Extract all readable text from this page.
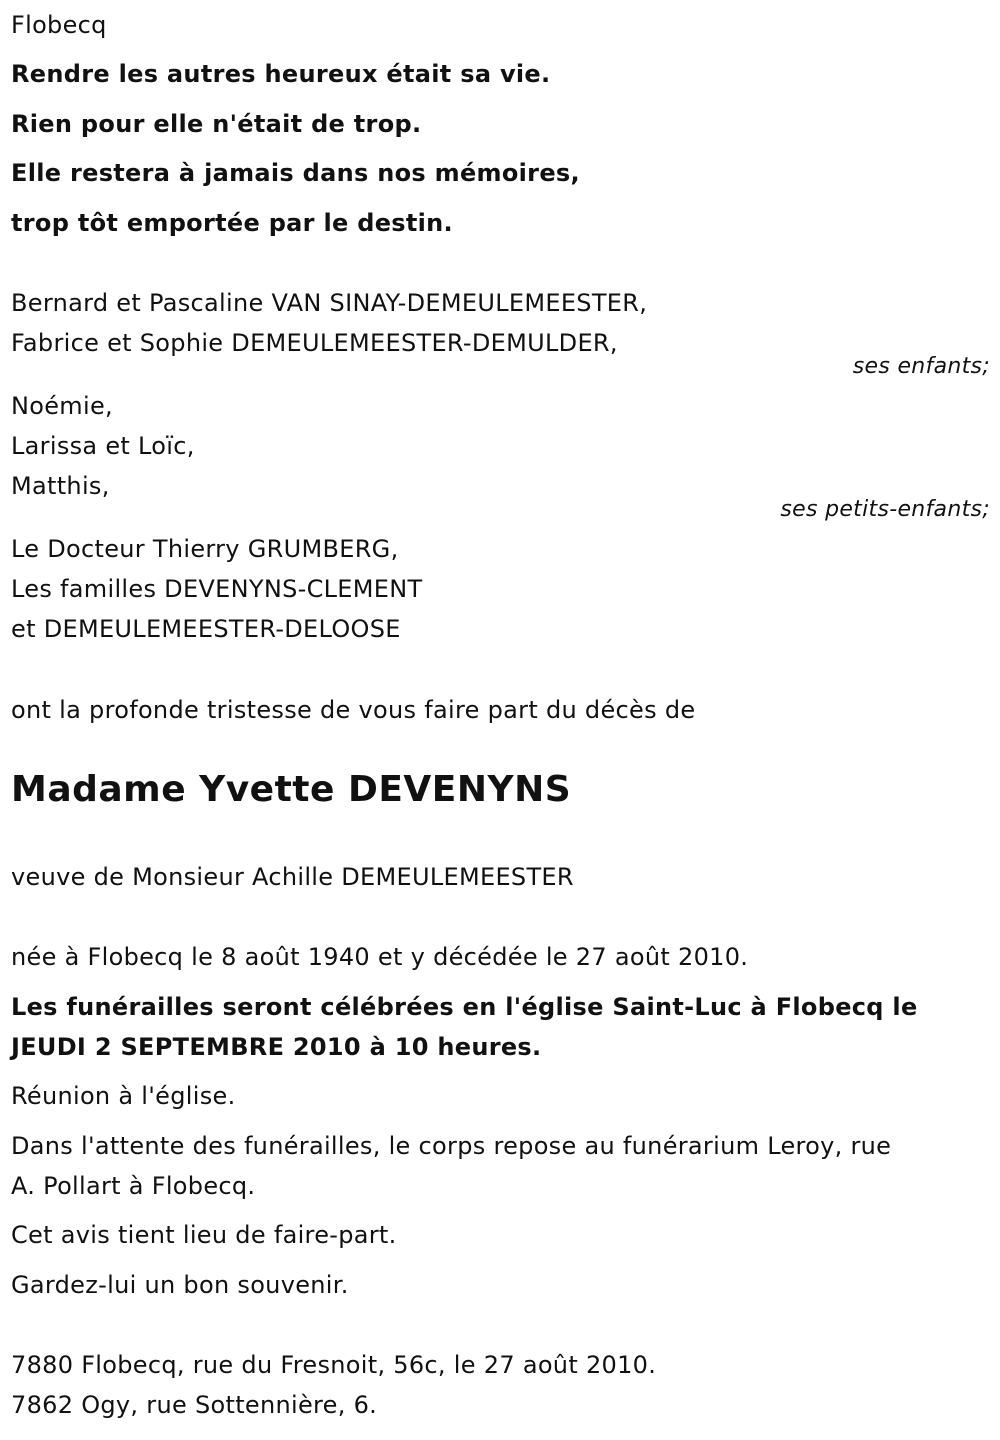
Flobecq
Rendre les autres heureux était sa vie.
Rien pour elle n'était de trop.
Elle restera à jamais dans nos mémoires,
trop tôt emportée par le destin.
Bernard et Pascaline VAN SINAY-DEMEULEMEESTER,
Fabrice et Sophie DEMEULEMEESTER-DEMULDER,
ses enfants;
Noémie,
Larissa et Loïc,
Matthis,
ses petits-enfants;
Le Docteur Thierry GRUMBERG,
Les familles DEVENYNS-CLEMENT
et DEMEULEMEESTER-DELOOSE
ont la profonde tristesse de vous faire part du décès de
Madame Yvette DEVENYNS
veuve de Monsieur Achille DEMEULEMEESTER
née à Flobecq le 8 août 1940 et y décédée le 27 août 2010.
Les funérailles seront célébrées en l'église Saint-Luc à Flobecq le
JEUDI 2 SEPTEMBRE 2010 à 10 heures.
Réunion à l'église.
Dans l'attente des funérailles, le corps repose au funérarium Leroy, rue
A. Pollart à Flobecq.
Cet avis tient lieu de faire-part.
Gardez-lui un bon souvenir.
7880 Flobecq, rue du Fresnoit, 56c, le 27 août 2010.
7862 Ogy, rue Sottennière, 6.
